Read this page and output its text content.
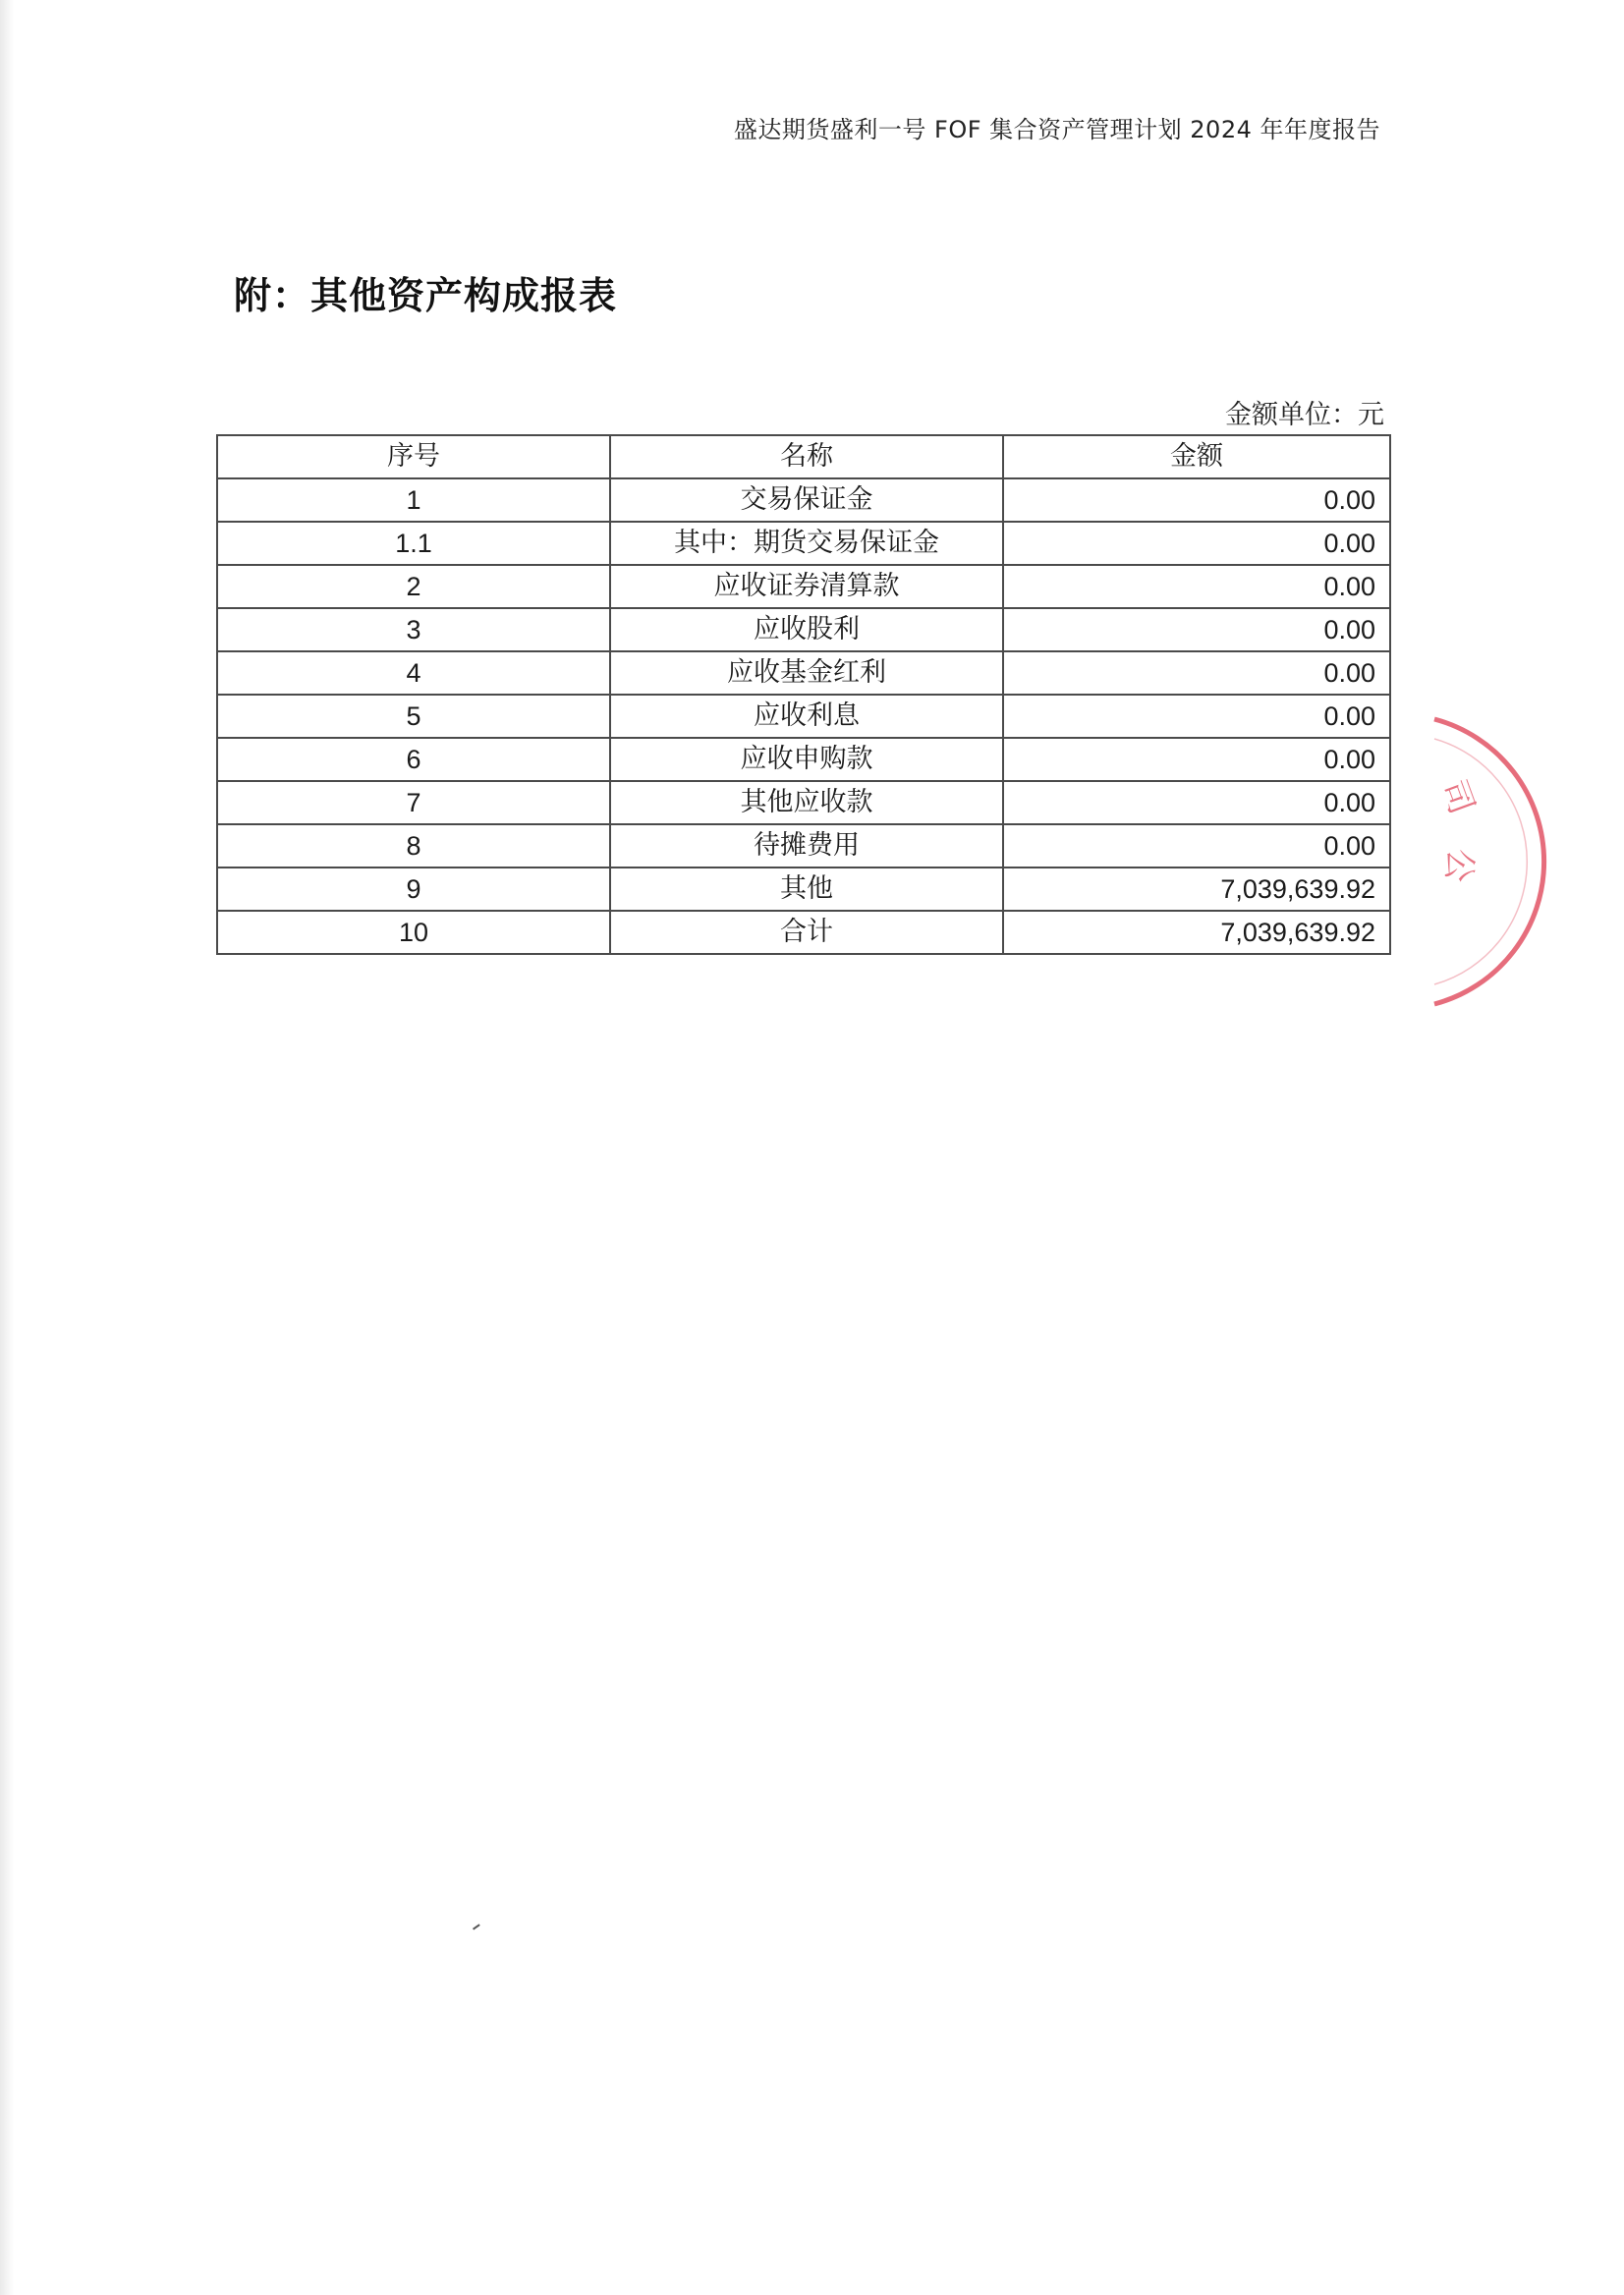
盛达期货盛利一号 FOF 集合资产管理计划 2024 年年度报告
附：其他资产构成报表
金额单位：元
序号	名称	金额
1	交易保证金	0.00
1.1	其中：期货交易保证金	0.00
2	应收证券清算款	0.00
3	应收股利	0.00
4	应收基金红利	0.00
5	应收利息	0.00
6	应收申购款	0.00
7	其他应收款	0.00
8	待摊费用	0.00
9	其他	7,039,639.92
10	合计	7,039,639.92
司
公
